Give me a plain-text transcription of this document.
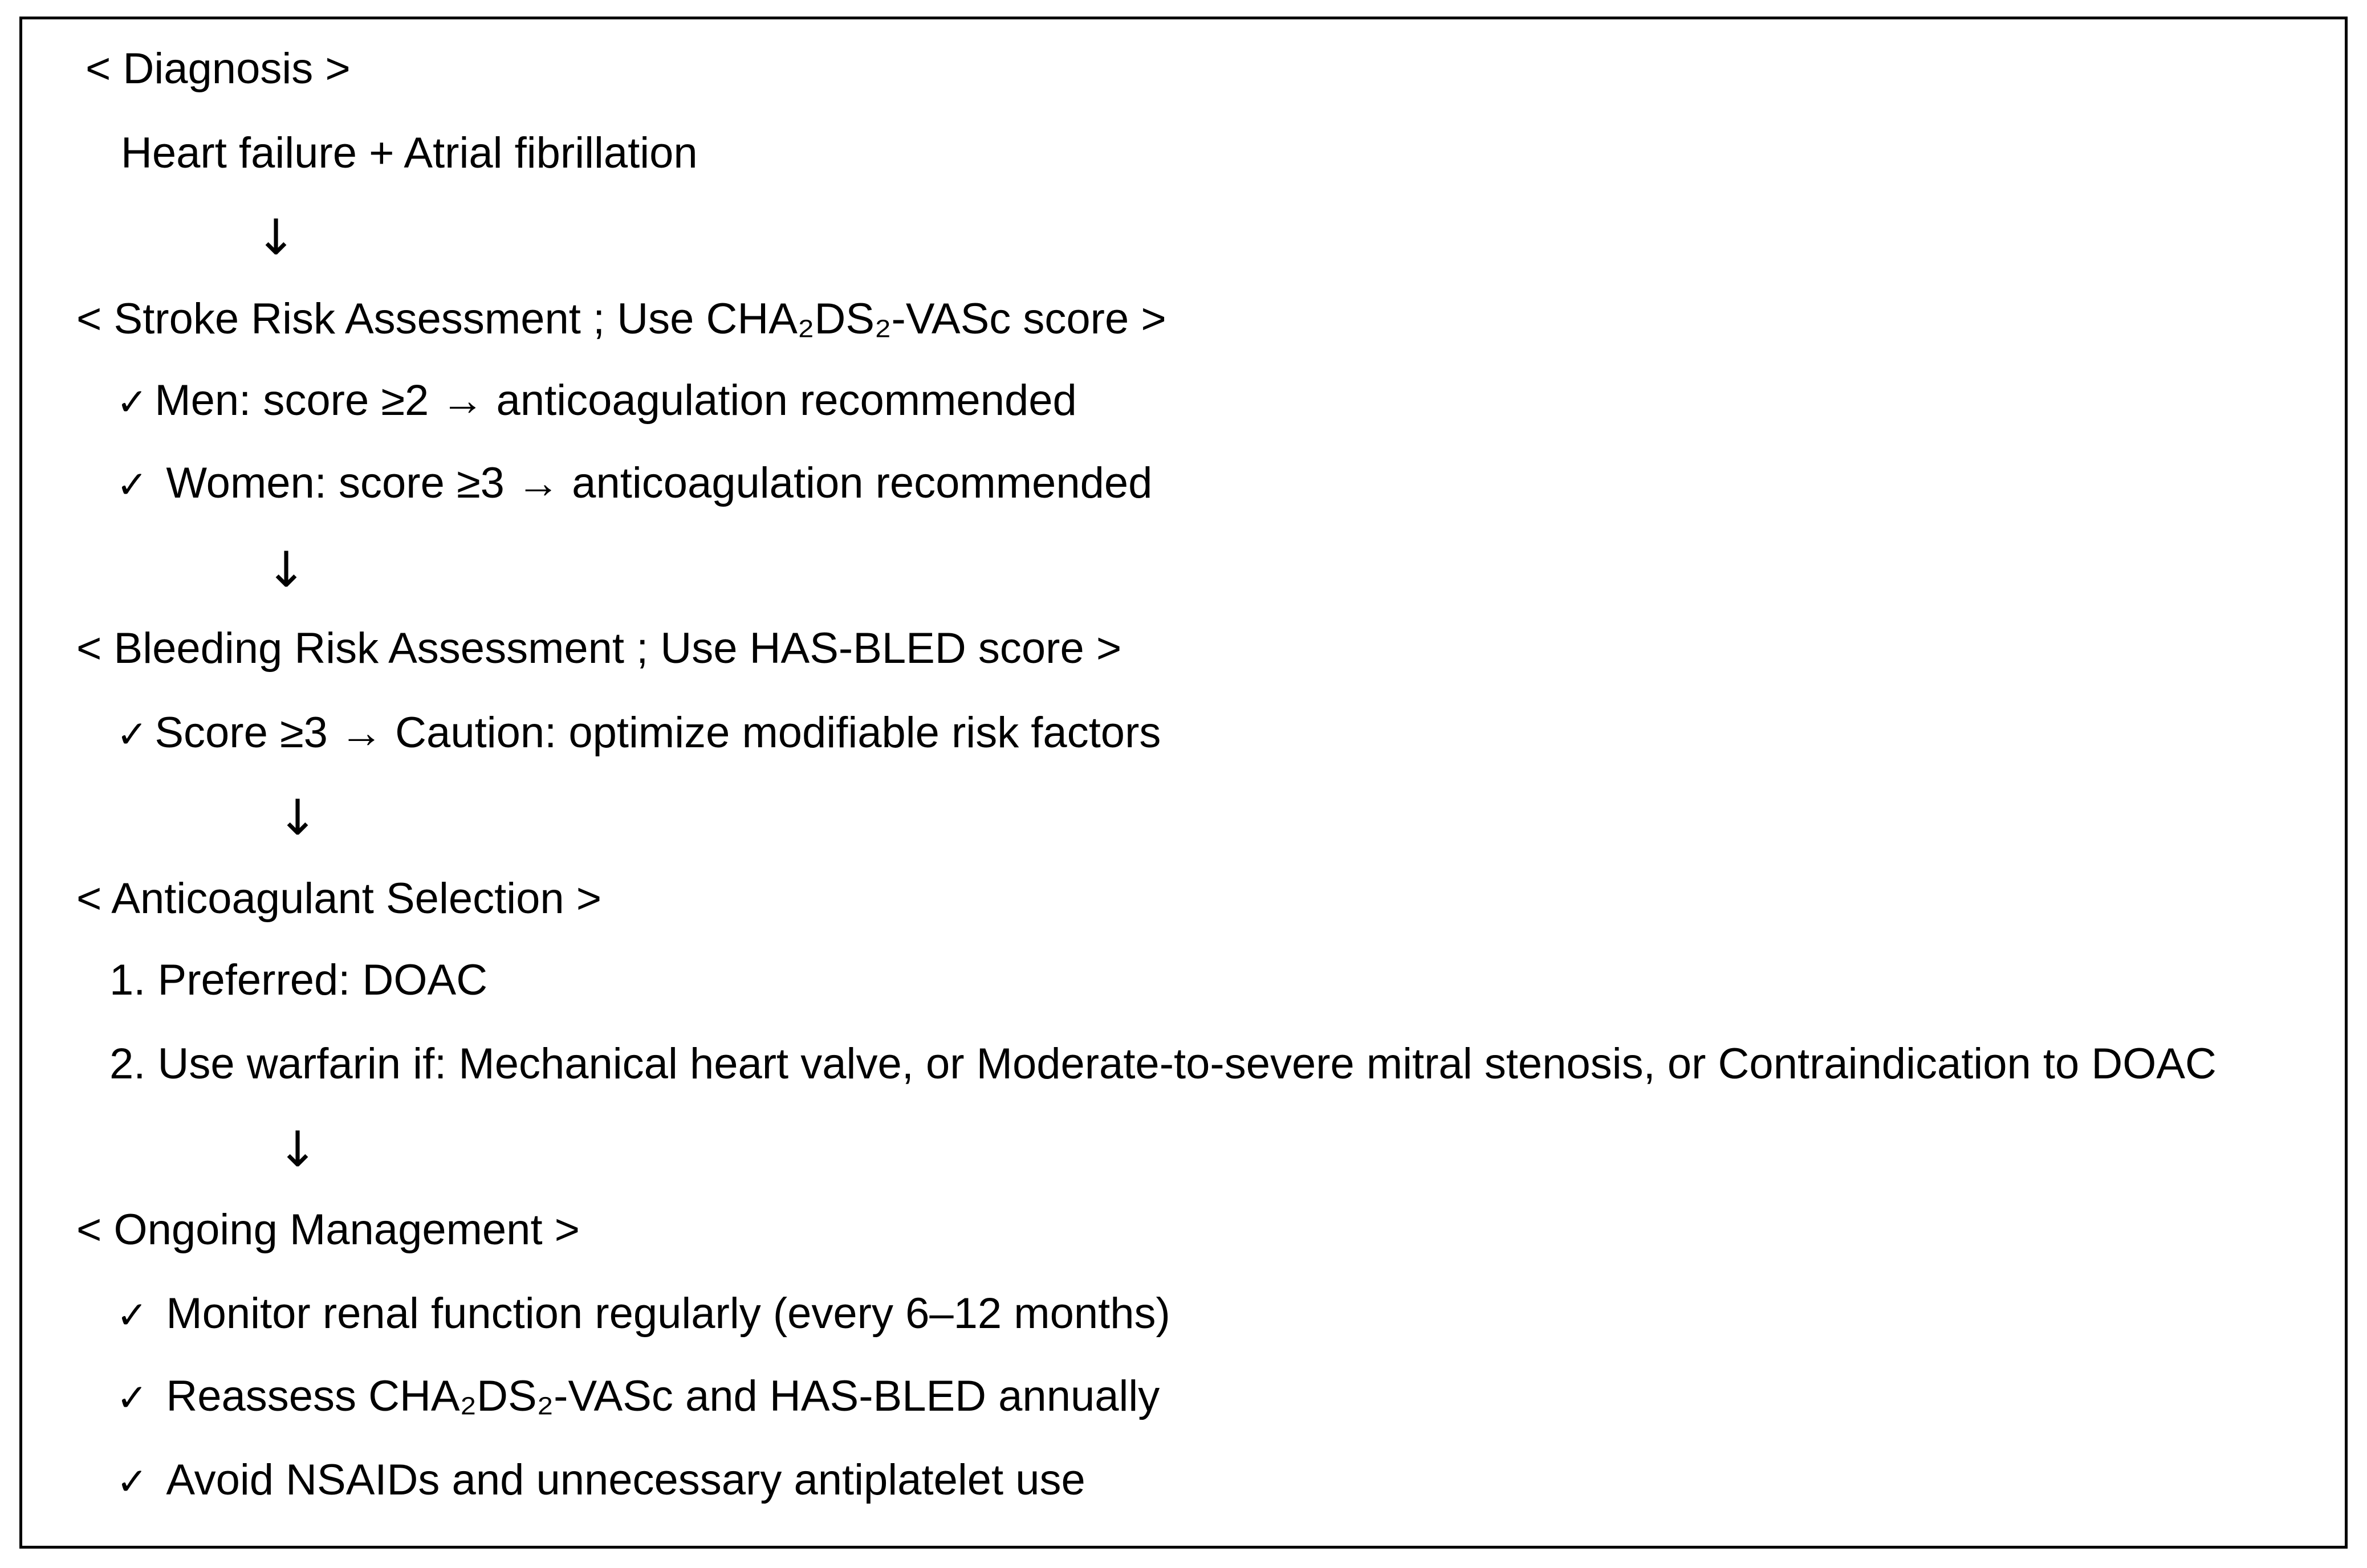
< Diagnosis >
Heart failure + Atrial fibrillation
↓
< Stroke Risk Assessment ; Use CHA₂DS₂-VASc score >
✓ Men: score ≥2 → anticoagulation recommended
✓ Women: score ≥3 → anticoagulation recommended
↓
< Bleeding Risk Assessment ; Use HAS-BLED score >
✓ Score ≥3 → Caution: optimize modifiable risk factors
↓
< Anticoagulant Selection >
1. Preferred: DOAC
2. Use warfarin if: Mechanical heart valve, or Moderate-to-severe mitral stenosis, or Contraindication to DOAC
↓
< Ongoing Management >
✓ Monitor renal function regularly (every 6–12 months)
✓ Reassess CHA₂DS₂-VASc and HAS-BLED annually
✓ Avoid NSAIDs and unnecessary antiplatelet use
